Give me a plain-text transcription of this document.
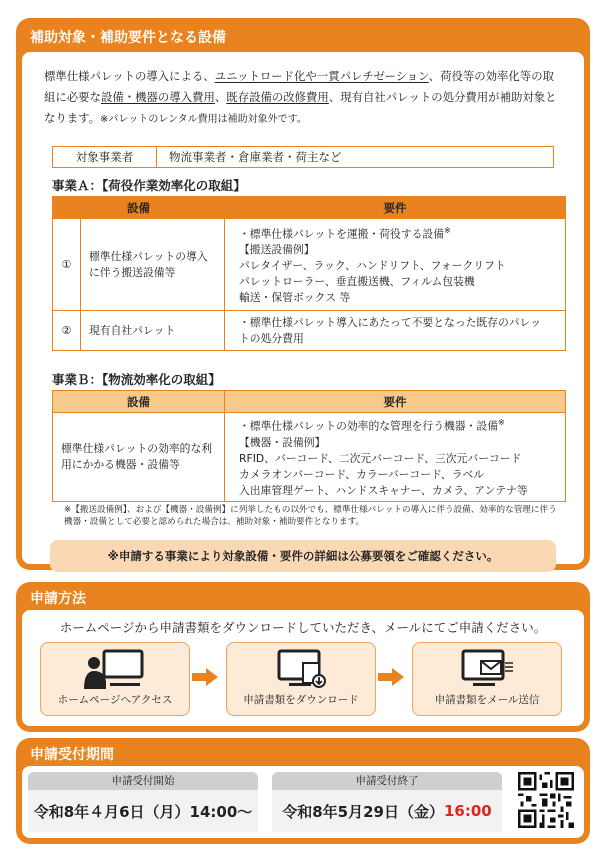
補助対象・補助要件となる設備
標準仕様パレットの導入による、ユニットロード化や一貫パレチゼーション、荷役等の効率化等の取組に必要な設備・機器の導入費用、既存設備の改修費用、現有自社パレットの処分費用が補助対象となります。※パレットのレンタル費用は補助対象外です。
対象事業者	物流事業者・倉庫業者・荷主など
事業Ａ：【荷役作業効率化の取組】
設備		要件
①	標準仕様パレットの導入に伴う搬送設備等	・標準仕様パレットを運搬・荷役する設備※
【搬送設備例】
パレタイザー、ラック、ハンドリフト、フォークリフト
パレットローラー、垂直搬送機、フィルム包装機
輸送・保管ボックス 等

②	現有自社パレット	・標準仕様パレット導入にあたって不要となった既存のパレットの処分費用
事業Ｂ：【物流効率化の取組】
設備	要件
標準仕様パレットの効率的な利用にかかる機器・設備等	・標準仕様パレットの効率的な管理を行う機器・設備※
【機器・設備例】
RFID、バーコード、二次元バーコード、三次元バーコード
カメラオンバーコード、カラーバーコード、ラベル
入出庫管理ゲート、ハンドスキャナー、カメラ、アンテナ等
※【搬送設備例】、および【機器・設備例】に列挙したもの以外でも、標準仕様パレットの導入に伴う設備、効率的な管理に伴う機器・設備として必要と認められた場合は、補助対象・補助要件となります。
※申請する事業により対象設備・要件の詳細は公募要領をご確認ください。
申請方法
ホームページから申請書類をダウンロードしていただき、メールにてご申請ください。
ホームページへアクセス	申請書類をダウンロード	申請書類をメール送信
申請受付期間
申請受付開始
令和8年４月6日（月）14:00〜
申請受付終了
令和8年5月29日（金） 16:00
